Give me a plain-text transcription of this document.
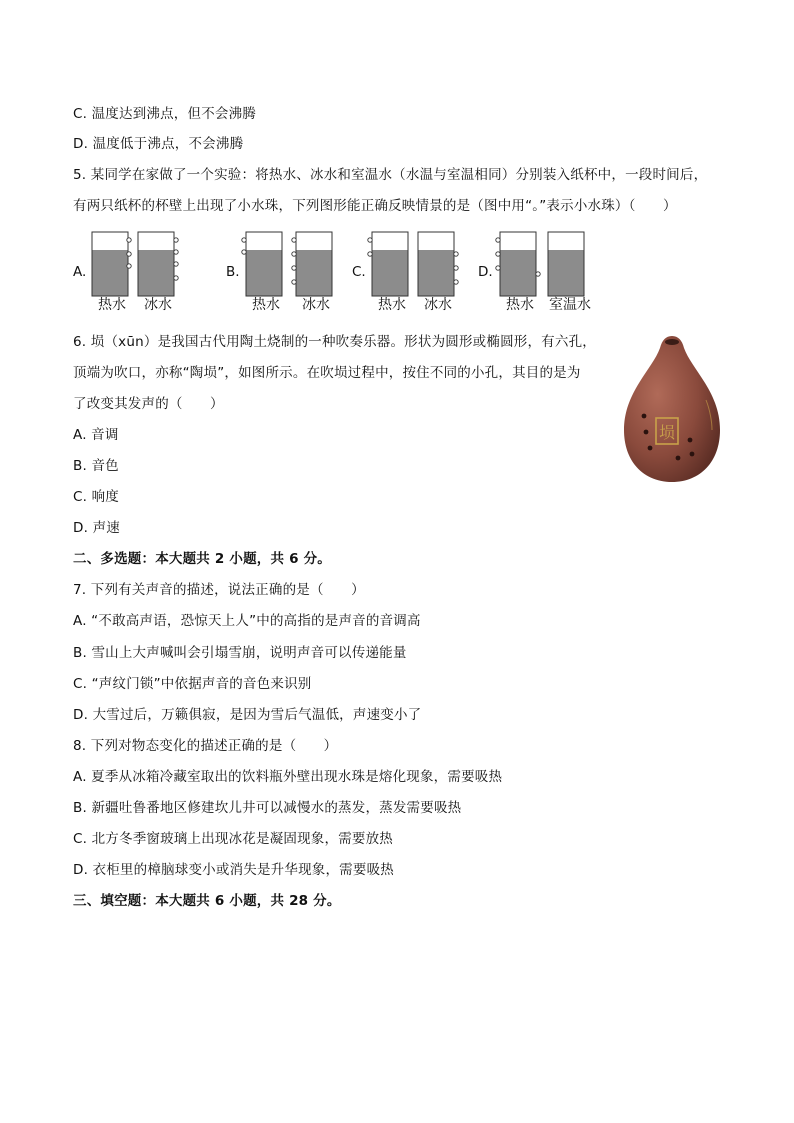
C. 温度达到沸点，但不会沸腾
D. 温度低于沸点，不会沸腾
5. 某同学在家做了一个实验：将热水、冰水和室温水（水温与室温相同）分别装入纸杯中，一段时间后，
有两只纸杯的杯壁上出现了小水珠，下列图形能正确反映情景的是（图中用“。”表示小水珠）（　　）
A.	B.	C.	D.
热水	冰水	热水	冰水	热水	冰水	热水	室温水
6. 埙（xūn）是我国古代用陶土烧制的一种吹奏乐器。形状为圆形或椭圆形，有六孔，
顶端为吹口，亦称“陶埙”，如图所示。在吹埙过程中，按住不同的小孔，其目的是为
了改变其发声的（　　）
A. 音调
B. 音色
C. 响度
D. 声速
埙
二、多选题：本大题共 2 小题，共 6 分。
7. 下列有关声音的描述，说法正确的是（　　）
A. “不敢高声语，恐惊天上人”中的高指的是声音的音调高
B. 雪山上大声喊叫会引塌雪崩，说明声音可以传递能量
C. “声纹门锁”中依据声音的音色来识别
D. 大雪过后，万籁俱寂，是因为雪后气温低，声速变小了
8. 下列对物态变化的描述正确的是（　　）
A. 夏季从冰箱冷藏室取出的饮料瓶外壁出现水珠是熔化现象，需要吸热
B. 新疆吐鲁番地区修建坎儿井可以减慢水的蒸发，蒸发需要吸热
C. 北方冬季窗玻璃上出现冰花是凝固现象，需要放热
D. 衣柜里的樟脑球变小或消失是升华现象，需要吸热
三、填空题：本大题共 6 小题，共 28 分。
